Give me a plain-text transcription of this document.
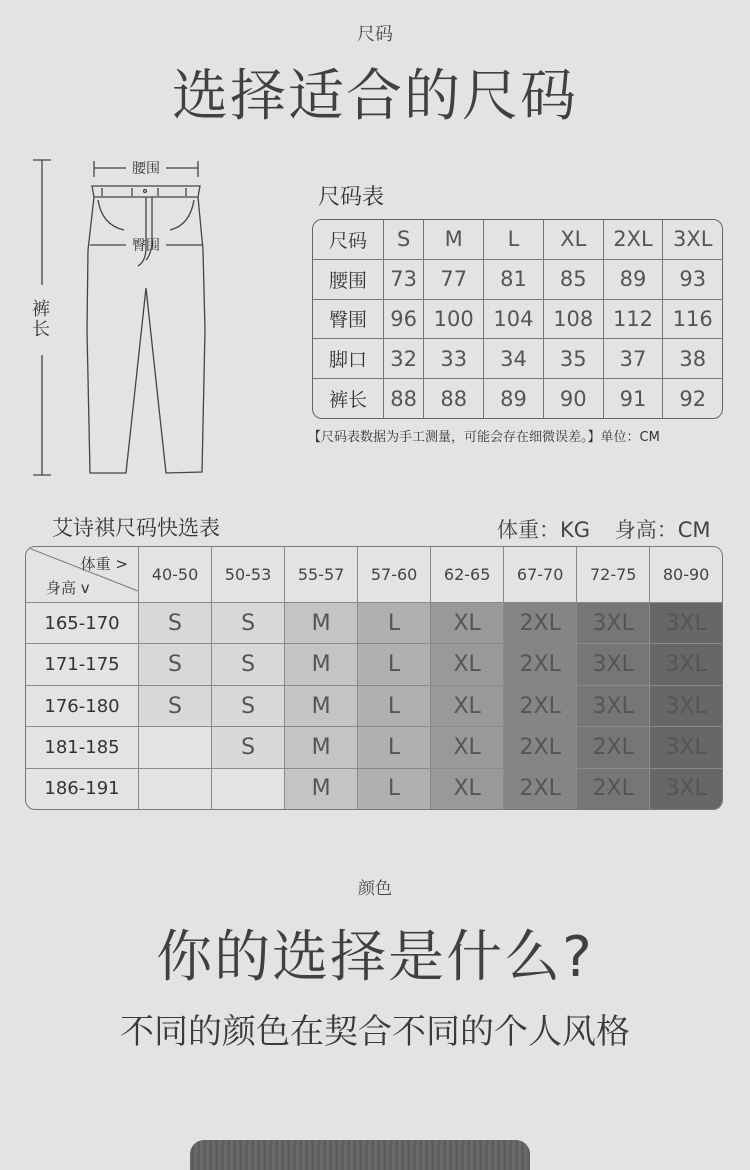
尺码
选择适合的尺码
腰围
臀围
裤长
尺码表
尺码	S	M	L	XL	2XL	3XL
腰围	73	77	81	85	89	93
臀围	96	100	104	108	112	116
脚口	32	33	34	35	37	38
裤长	88	88	89	90	91	92
【尺码表数据为手工测量，可能会存在细微误差。】单位：CM
艾诗祺尺码快选表	体重：KG 身高：CM
体重 >
身高 v	40-50	50-53	55-57	57-60	62-65	67-70	72-75	80-90
165-170	S	S	M	L	XL	2XL	3XL	3XL
171-175	S	S	M	L	XL	2XL	3XL	3XL
176-180	S	S	M	L	XL	2XL	3XL	3XL
181-185		S	M	L	XL	2XL	2XL	3XL
186-191			M	L	XL	2XL	2XL	3XL
颜色
你的选择是什么?
不同的颜色在契合不同的个人风格
